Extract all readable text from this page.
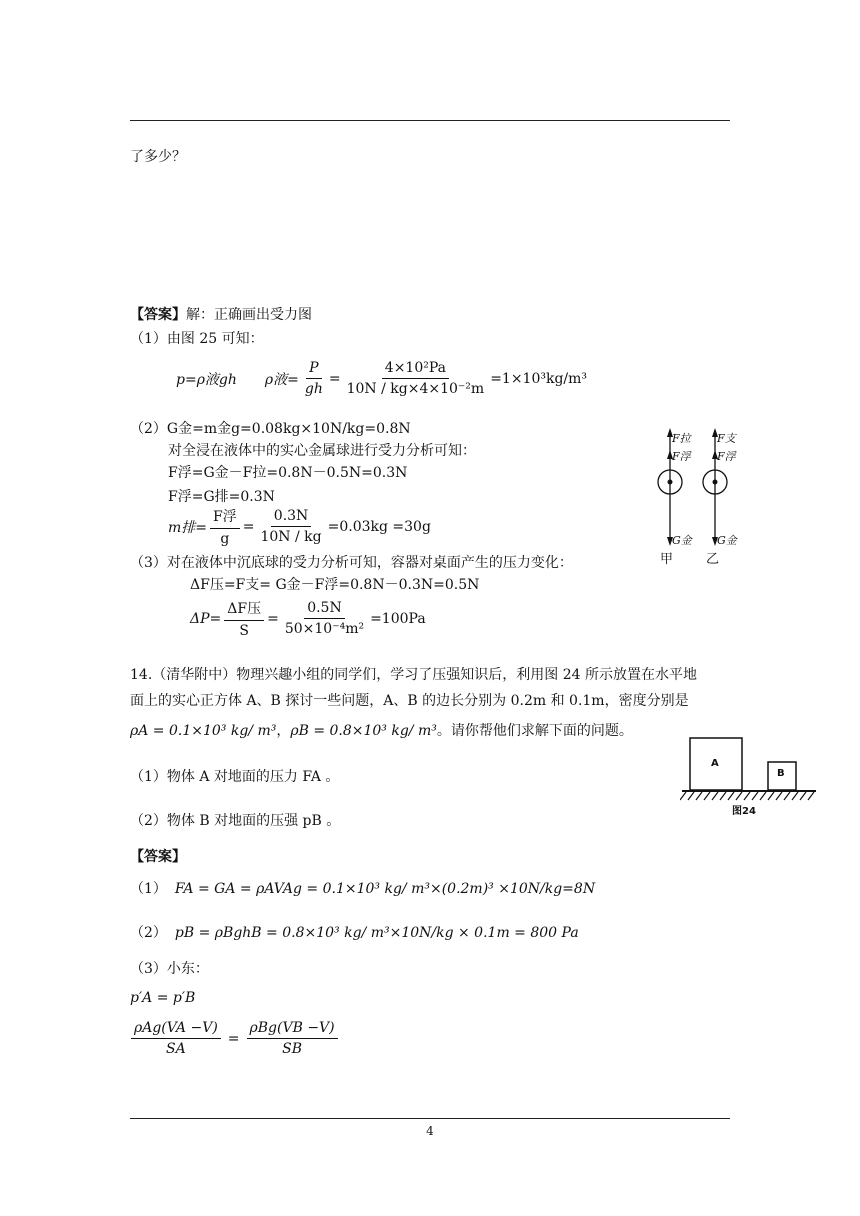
了多少？
【答案】解：正确画出受力图
（1）由图 25 可知：
p=ρ液gh ρ液= $\frac{P}{gh} = \frac{\text{4×10²Pa}}{\text{10N / kg×4×10⁻²m}} =1\times 10^3kg/m^3$
（2）G金=m金g=0.08kg×10N/kg=0.8N
对全浸在液体中的实心金属球进行受力分析可知：
F浮=G金－F拉=0.8N－0.5N=0.3N
F浮=G排=0.3N
m排= $\frac{\text{F浮}}{g} = \frac{0.3N}{10N / kg} =0.03kg =30g$
（3）对在液体中沉底球的受力分析可知，容器对桌面产生的压力变化：
ΔF压=F支= G金－F浮=0.8N－0.3N=0.5N
$\Delta P= \frac{\text{ΔF压}}{S} = \frac{0.5N}{\text{50×10⁻⁴m²}} =100Pa$
F拉
F浮
G金
甲
F支
F浮
G金
乙
14.（清华附中）物理兴趣小组的同学们，学习了压强知识后，利用图 24 所示放置在水平地
面上的实心正方体 A、B 探讨一些问题，A、B 的边长分别为 0.2m 和 0.1m，密度分别是
ρA = 0.1×10³ kg/ m³，ρB = 0.8×10³ kg/ m³。请你帮他们求解下面的问题。
（1）物体 A 对地面的压力 FA 。
（2）物体 B 对地面的压强 pB 。
A
B
图24
【答案】
（1） FA = GA = ρAVAg = 0.1×10³ kg/ m³×(0.2m)³ ×10N/kg=8N
（2） pB = ρBghB = 0.8×10³ kg/ m³×10N/kg × 0.1m = 800 Pa
（3）小东：
p′A = p′B
$\frac{\text{ρAg(VA −V)}}{SA} = \frac{\text{ρBg(VB −V)}}{SB}$
4
